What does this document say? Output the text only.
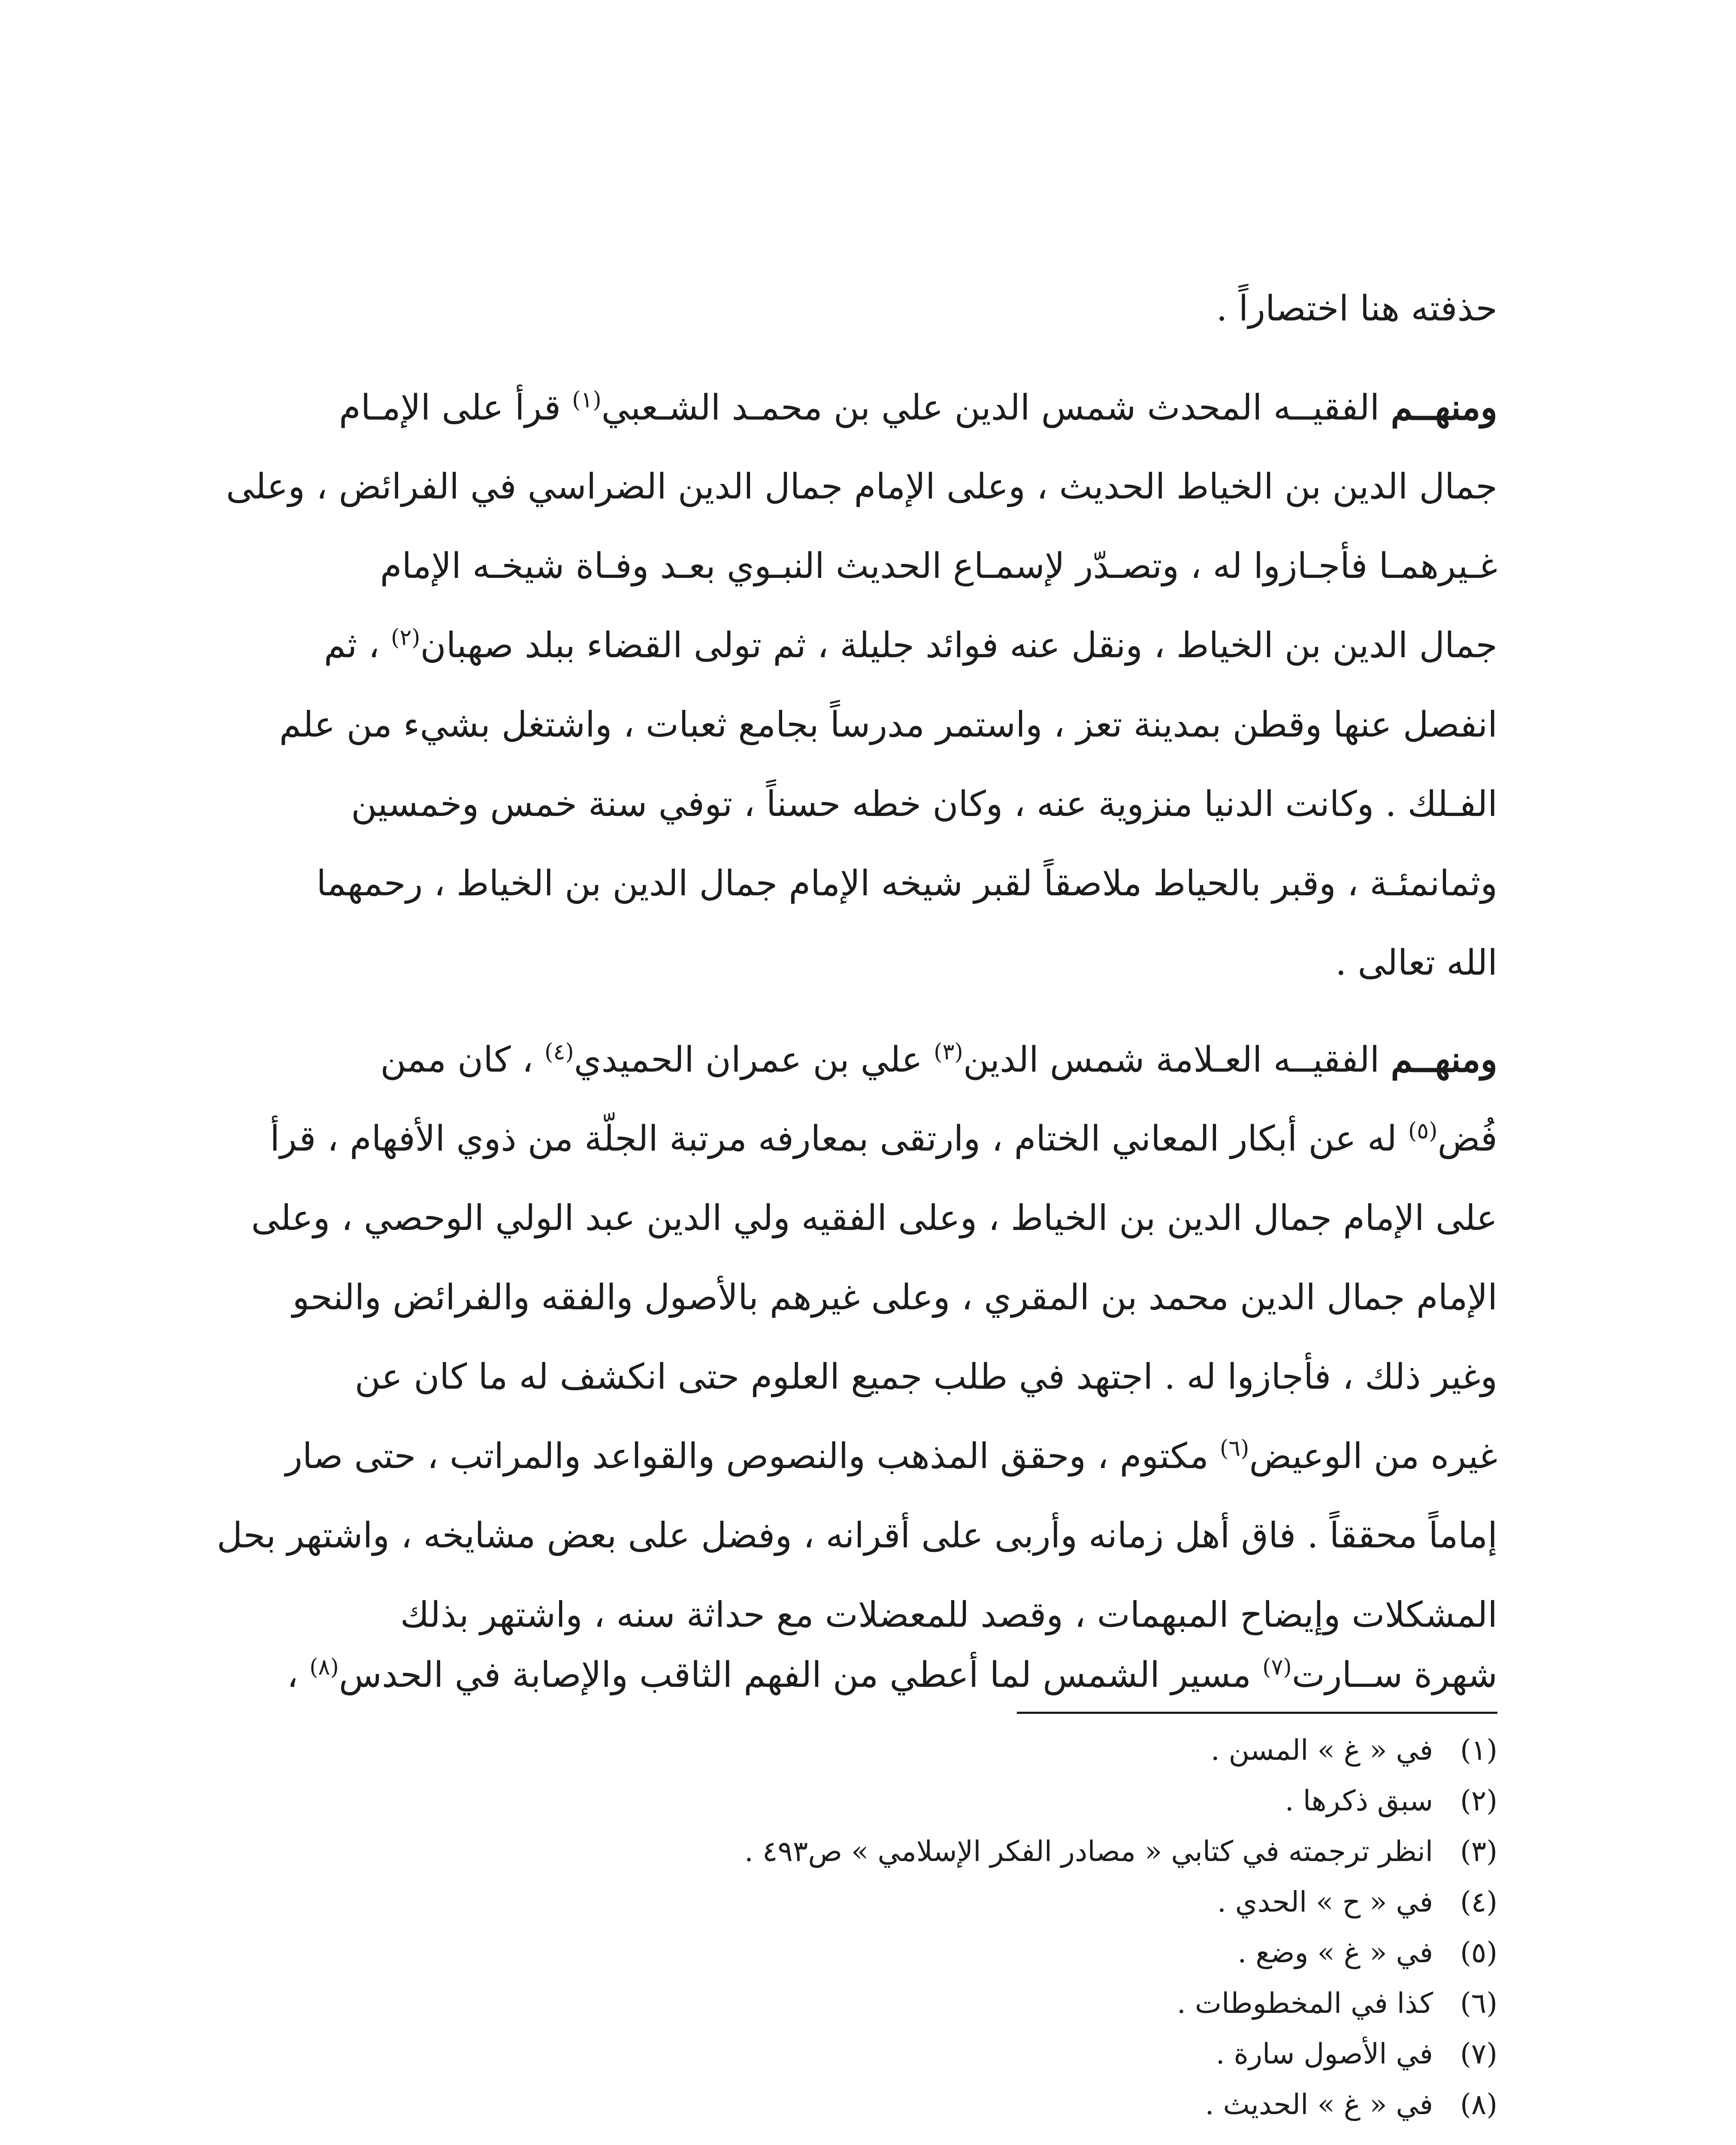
حذفته هنا اختصاراً .
ومنهــم الفقيــه المحدث شمس الدين علي بن محمـد الشـعبي$^{(١)}$ قرأ على الإمـام
جمال الدين بن الخياط الحديث ، وعلى الإمام جمال الدين الضراسي في الفرائض ، وعلى
غـيرهمـا فأجـازوا له ، وتصـدّر لإسمـاع الحديث النبـوي بعـد وفـاة شيخـه الإمام
جمال الدين بن الخياط ، ونقل عنه فوائد جليلة ، ثم تولى القضاء ببلد صهبان$^{(٢)}$ ، ثم
انفصل عنها وقطن بمدينة تعز ، واستمر مدرساً بجامع ثعبات ، واشتغل بشيء من علم
الفـلك . وكانت الدنيا منزوية عنه ، وكان خطه حسناً ، توفي سنة خمس وخمسين
وثمانمئـة ، وقبر بالحياط ملاصقاً لقبر شيخه الإمام جمال الدين بن الخياط ، رحمهما
الله تعالى .
ومنهــم الفقيــه العـلامة شمس الدين$^{(٣)}$ علي بن عمران الحميدي$^{(٤)}$ ، كان ممن
فُض$^{(٥)}$ له عن أبكار المعاني الختام ، وارتقى بمعارفه مرتبة الجلّة من ذوي الأفهام ، قرأ
على الإمام جمال الدين بن الخياط ، وعلى الفقيه ولي الدين عبد الولي الوحصي ، وعلى
الإمام جمال الدين محمد بن المقري ، وعلى غيرهم بالأصول والفقه والفرائض والنحو
وغير ذلك ، فأجازوا له . اجتهد في طلب جميع العلوم حتى انكشف له ما كان عن
غيره من الوعيض$^{(٦)}$ مكتوم ، وحقق المذهب والنصوص والقواعد والمراتب ، حتى صار
إماماً محققاً . فاق أهل زمانه وأربى على أقرانه ، وفضل على بعض مشايخه ، واشتهر بحل
المشكلات وإيضاح المبهمات ، وقصد للمعضلات مع حداثة سنه ، واشتهر بذلك
شهرة ســارت$^{(٧)}$ مسير الشمس لما أعطي من الفهم الثاقب والإصابة في الحدس$^{(٨)}$ ،
(١)
في « غ » المسن .
(٢)
سبق ذكرها .
(٣)
انظر ترجمته في كتابي « مصادر الفكر الإسلامي » ص٤٩٣ .
(٤)
في « ح » الحدي .
(٥)
في « غ » وضع .
(٦)
كذا في المخطوطات .
(٧)
في الأصول سارة .
(٨)
في « غ » الحديث .
